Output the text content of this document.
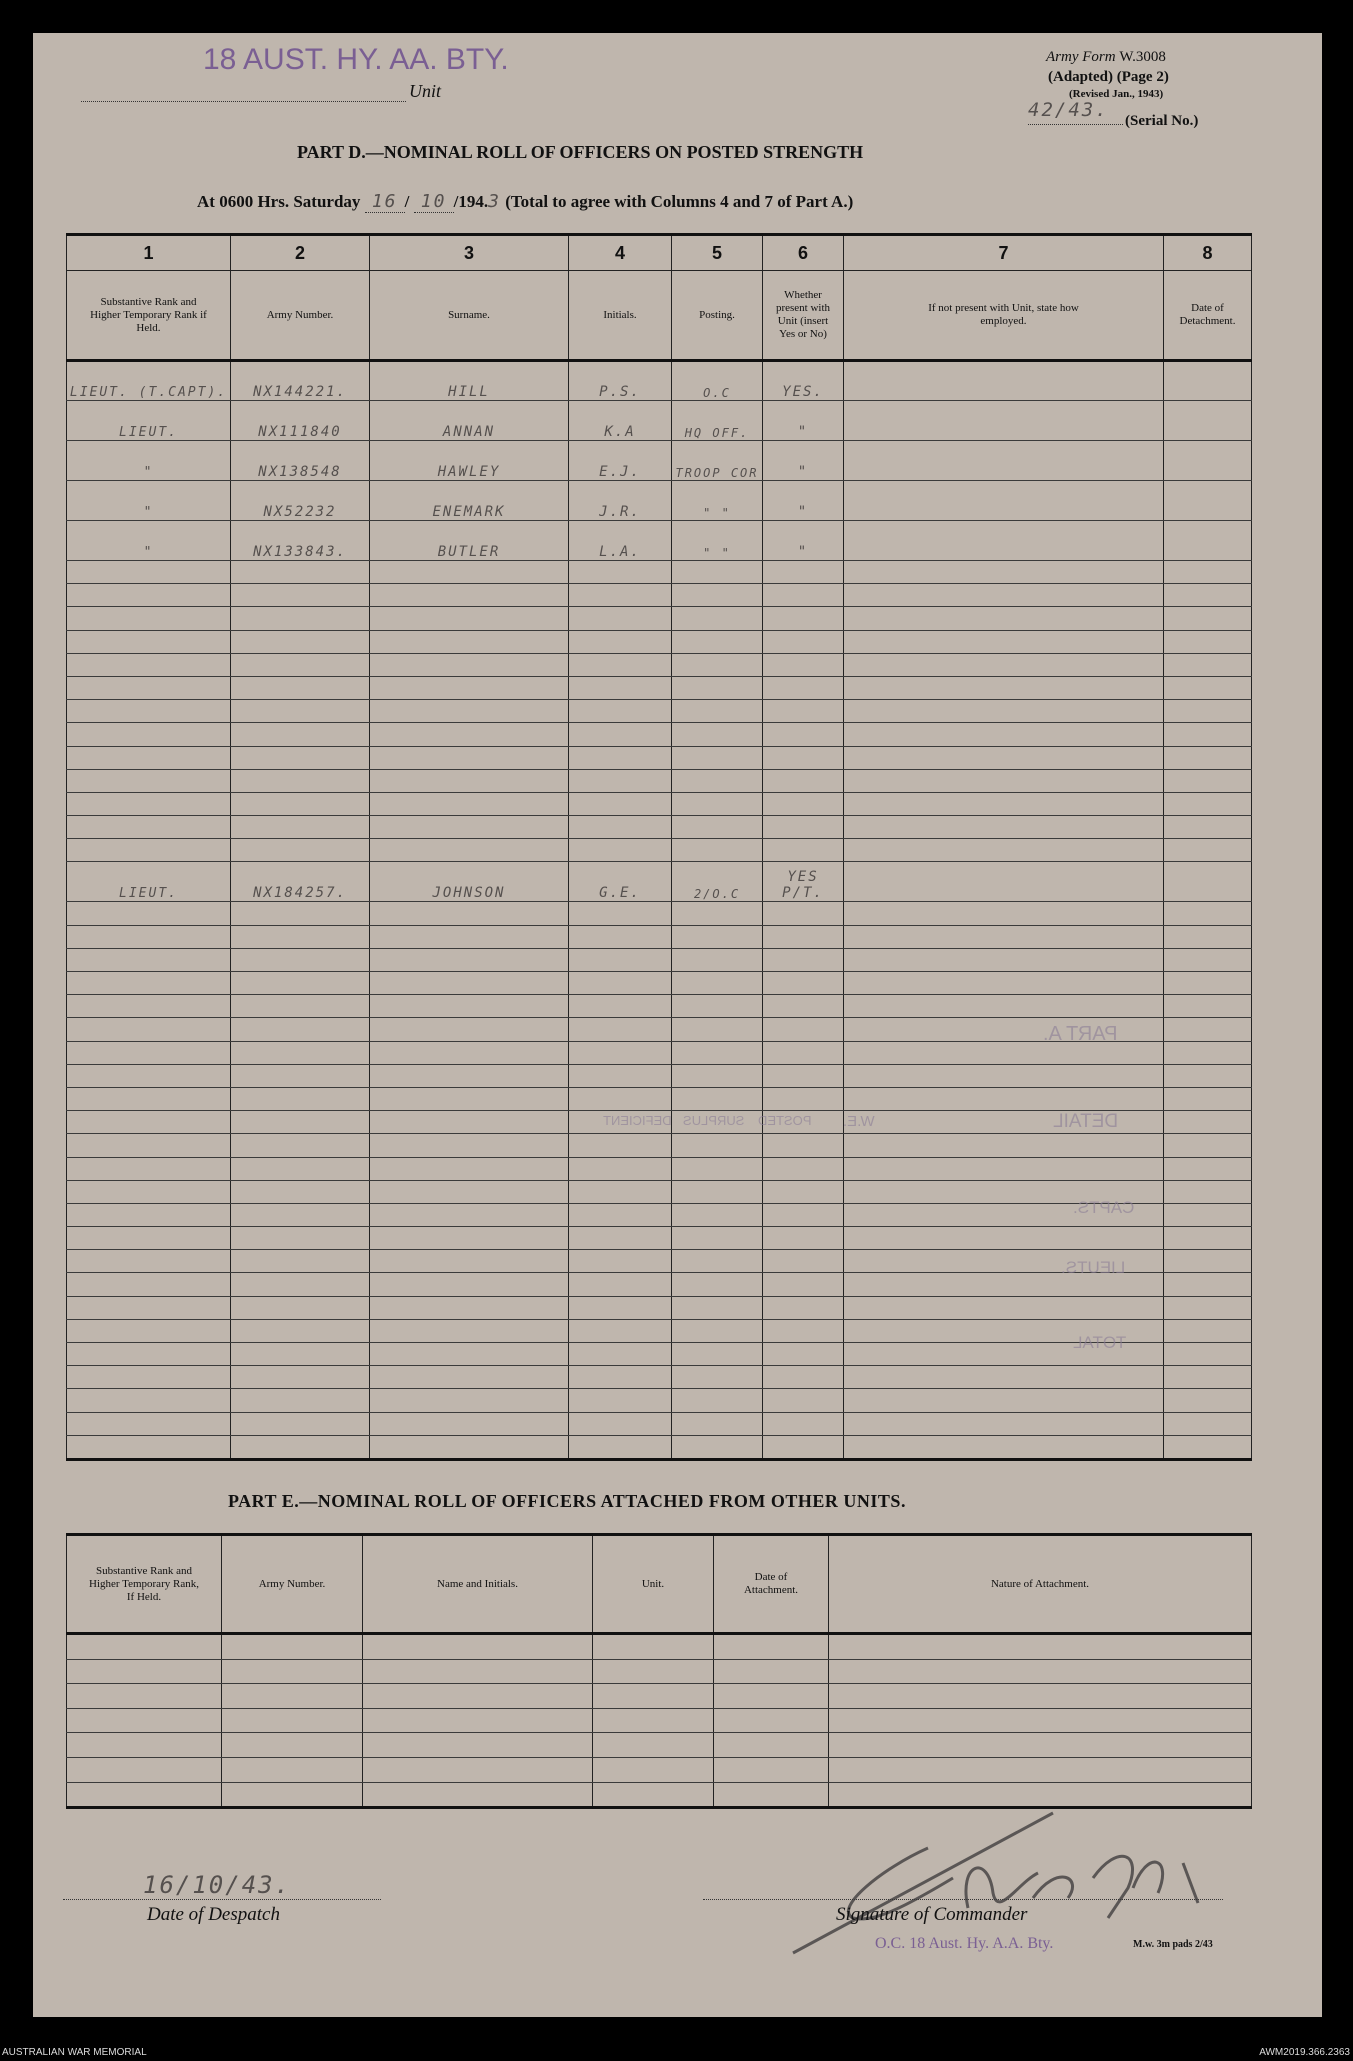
18 AUST. HY. AA. BTY.
Unit
Army Form W.3008
(Adapted) (Page 2)
(Revised Jan., 1943)
42/43. (Serial No.)
PART D.—NOMINAL ROLL OF OFFICERS ON POSTED STRENGTH
At 0600 Hrs. Saturday 16 / 10 /194.3 (Total to agree with Columns 4 and 7 of Part A.)
1	2	3	4	5	6	7	8
Substantive Rank and Higher Temporary Rank if Held.	Army Number.	Surname.	Initials.	Posting.	Whether present with Unit (insert Yes or No)	If not present with Unit, state how employed.	Date of Detachment.
LIEUT. (T.CAPT).	NX144221.	HILL	P.S.	O.C	YES.		
LIEUT.	NX111840	ANNAN	K.A	HQ OFF.	"		
"	NX138548	HAWLEY	E.J.	TROOP COR	"		
"	NX52232	ENEMARK	J.R.	" "	"		
"	NX133843.	BUTLER	L.A.	" "	"		

LIEUT.	NX184257.	JOHNSON	G.E.	2/O.C	YES P/T.		

PART A.
DETAIL
CAPTS.
LIEUTS.
TOTAL
W.E.
POSTED
SURPLUS
DEFICIENT
PART E.—NOMINAL ROLL OF OFFICERS ATTACHED FROM OTHER UNITS.
Substantive Rank and Higher Temporary Rank, If Held.	Army Number.	Name and Initials.	Unit.	Date of Attachment.	Nature of Attachment.

16/10/43.
Date of Despatch	Signature of Commander
O.C. 18 Aust. Hy. A.A. Bty.	M.w. 3m pads 2/43
AUSTRALIAN WAR MEMORIAL	AWM2019.366.2363
